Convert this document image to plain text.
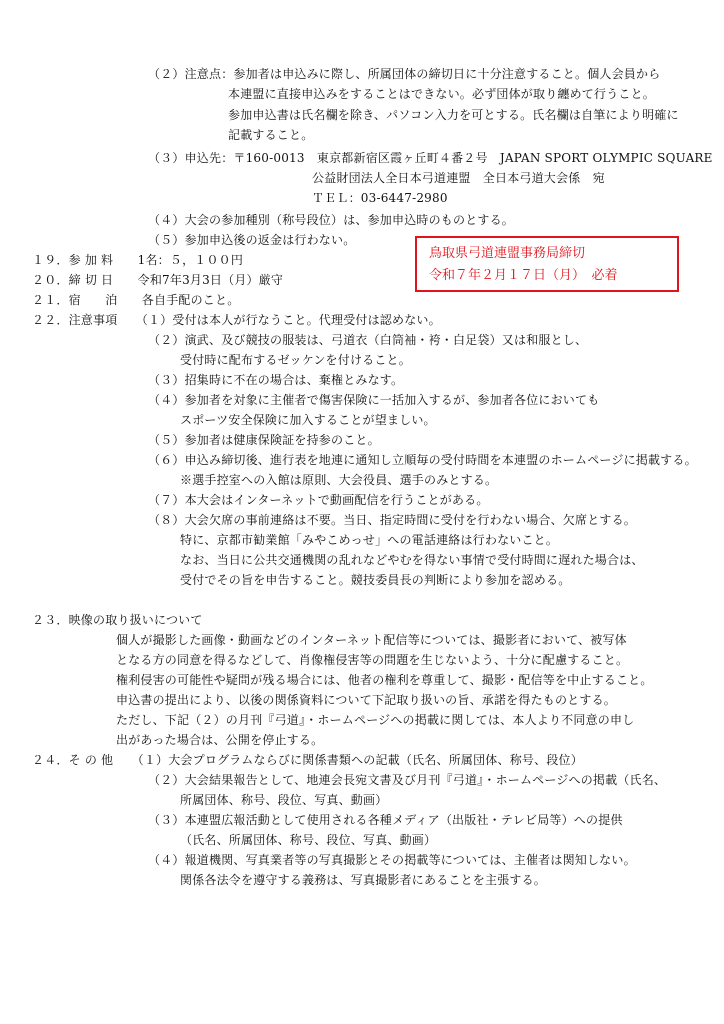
（２）注意点：参加者は申込みに際し、所属団体の締切日に十分注意すること。個人会員から
本連盟に直接申込みをすることはできない。必ず団体が取り纏めて行うこと。
参加申込書は氏名欄を除き、パソコン入力を可とする。氏名欄は自筆により明確に
記載すること。
（３）申込先：〒160-0013　東京都新宿区霞ヶ丘町４番２号　JAPAN SPORT OLYMPIC SQUARE
公益財団法人全日本弓道連盟　全日本弓道大会係　宛
ＴＥＬ：03-6447-2980
（４）大会の参加種別（称号段位）は、参加申込時のものとする。
（５）参加申込後の返金は行わない。
１９．参 加 料　　1名：５，１００円
２０．締 切 日　　令和7年3月3日（月）厳守
２１．宿　　泊　　各自手配のこと。
２２．注意事項　　（１）受付は本人が行なうこと。代理受付は認めない。
（２）演武、及び競技の服装は、弓道衣（白筒袖・袴・白足袋）又は和服とし、
受付時に配布するゼッケンを付けること。
（３）招集時に不在の場合は、棄権とみなす。
（４）参加者を対象に主催者で傷害保険に一括加入するが、参加者各位においても
スポーツ安全保険に加入することが望ましい。
（５）参加者は健康保険証を持参のこと。
（６）申込み締切後、進行表を地連に通知し立順毎の受付時間を本連盟のホームページに掲載する。
※選手控室への入館は原則、大会役員、選手のみとする。
（７）本大会はインターネットで動画配信を行うことがある。
（８）大会欠席の事前連絡は不要。当日、指定時間に受付を行わない場合、欠席とする。
特に、京都市勧業館「みやこめっせ」への電話連絡は行わないこと。
なお、当日に公共交通機関の乱れなどやむを得ない事情で受付時間に遅れた場合は、
受付でその旨を申告すること。競技委員長の判断により参加を認める。
２３．映像の取り扱いについて
個人が撮影した画像・動画などのインターネット配信等については、撮影者において、被写体
となる方の同意を得るなどして、肖像権侵害等の問題を生じないよう、十分に配慮すること。
権利侵害の可能性や疑問が残る場合には、他者の権利を尊重して、撮影・配信等を中止すること。
申込書の提出により、以後の関係資料について下記取り扱いの旨、承諾を得たものとする。
ただし、下記（２）の月刊『弓道』・ホームページへの掲載に関しては、本人より不同意の申し
出があった場合は、公開を停止する。
２４．そ の 他　　（１）大会プログラムならびに関係書類への記載（氏名、所属団体、称号、段位）
（２）大会結果報告として、地連会長宛文書及び月刊『弓道』・ホームページへの掲載（氏名、
所属団体、称号、段位、写真、動画）
（３）本連盟広報活動として使用される各種メディア（出版社・テレビ局等）への提供
（氏名、所属団体、称号、段位、写真、動画）
（４）報道機関、写真業者等の写真撮影とその掲載等については、主催者は関知しない。
関係各法令を遵守する義務は、写真撮影者にあることを主張する。
鳥取県弓道連盟事務局締切
令和７年２月１７日（月）　必着
